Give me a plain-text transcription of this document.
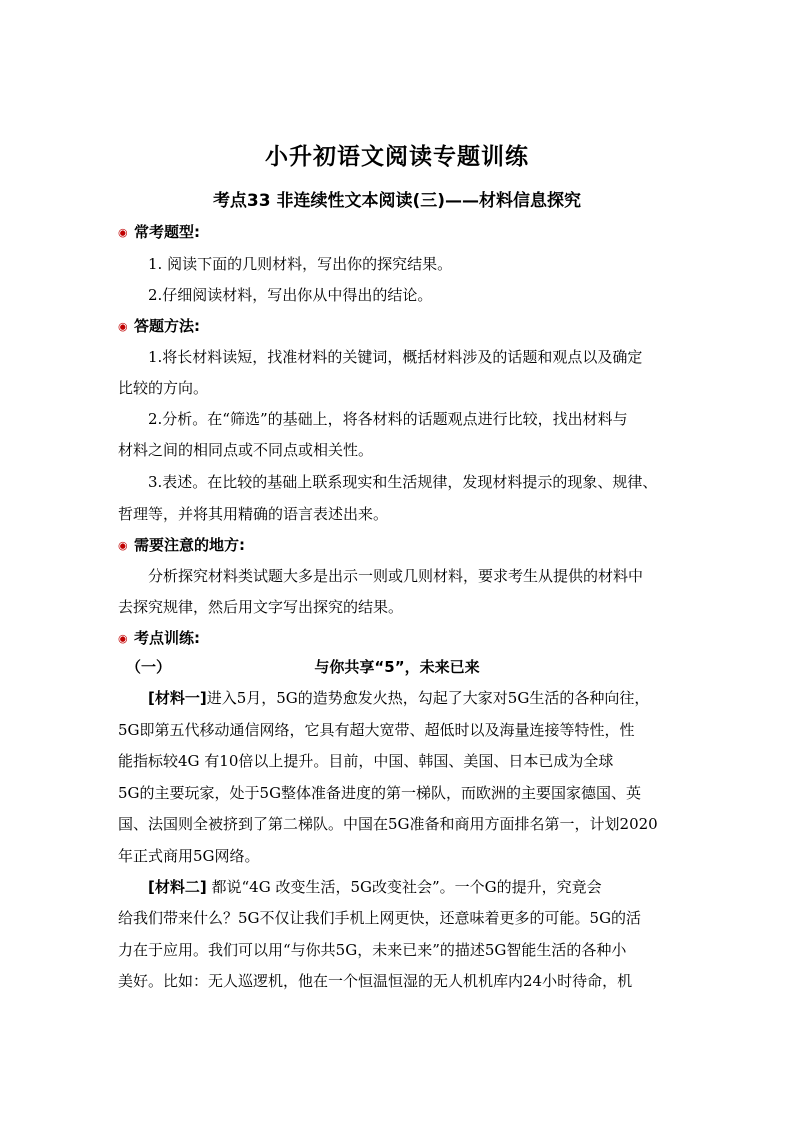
小升初语文阅读专题训练
考点33 非连续性文本阅读(三)——材料信息探究
◉ 常考题型:
1. 阅读下面的几则材料，写出你的探究结果。
2.仔细阅读材料，写出你从中得出的结论。
◉ 答题方法:
1.将长材料读短，找准材料的关键词，概括材料涉及的话题和观点以及确定
比较的方向。
2.分析。在“筛选”的基础上，将各材料的话题观点进行比较，找出材料与
材料之间的相同点或不同点或相关性。
3.表述。在比较的基础上联系现实和生活规律，发现材料提示的现象、规律、
哲理等，并将其用精确的语言表述出来。
◉ 需要注意的地方:
分析探究材料类试题大多是出示一则或几则材料，要求考生从提供的材料中
去探究规律，然后用文字写出探究的结果。
◉ 考点训练:
（一）	与你共享“5”，未来已来
[材料一]进入5月，5G的造势愈发火热，勾起了大家对5G生活的各种向往，
5G即第五代移动通信网络，它具有超大宽带、超低时以及海量连接等特性，性
能指标较4G 有10倍以上提升。目前，中国、韩国、美国、日本已成为全球
5G的主要玩家，处于5G整体准备进度的第一梯队，而欧洲的主要国家德国、英
国、法国则全被挤到了第二梯队。中国在5G准备和商用方面排名第一，计划2020
年正式商用5G网络。
[材料二] 都说“4G 改变生活，5G改变社会”。一个G的提升，究竟会
给我们带来什么？5G不仅让我们手机上网更快，还意味着更多的可能。5G的活
力在于应用。我们可以用“与你共5G，未来已来”的描述5G智能生活的各种小
美好。比如：无人巡逻机，他在一个恒温恒湿的无人机机库内24小时待命，机
